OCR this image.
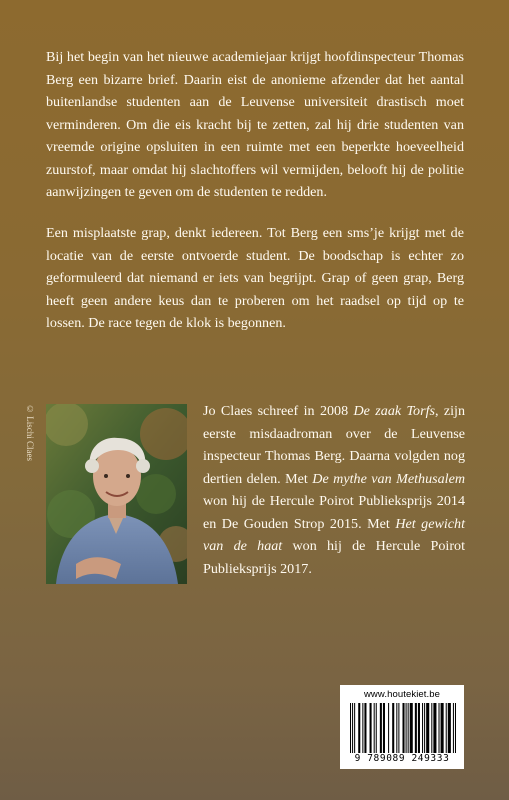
Bij het begin van het nieuwe academiejaar krijgt hoofdinspecteur Thomas Berg een bizarre brief. Daarin eist de anonieme afzender dat het aantal buitenlandse studenten aan de Leuvense universiteit drastisch moet verminderen. Om die eis kracht bij te zetten, zal hij drie studenten van vreemde origine opsluiten in een ruimte met een beperkte hoeveelheid zuurstof, maar omdat hij slachtoffers wil vermijden, belooft hij de politie aanwijzingen te geven om de studenten te redden.

Een misplaatste grap, denkt iedereen. Tot Berg een sms’je krijgt met de locatie van de eerste ontvoerde student. De boodschap is echter zo geformuleerd dat niemand er iets van begrijpt. Grap of geen grap, Berg heeft geen andere keus dan te proberen om het raadsel op tijd op te lossen. De race tegen de klok is begonnen.

© Lischi Claes	Jo Claes schreef in 2008 De zaak Torfs, zijn eerste misdaadroman over de Leuvense inspecteur Thomas Berg. Daarna volgden nog dertien delen. Met De mythe van Methusalem won hij de Hercule Poirot Publieksprijs 2014 en De Gouden Strop 2015. Met Het gewicht van de haat won hij de Hercule Poirot Publieksprijs 2017.

www.houtekiet.be
9 789089 249333
